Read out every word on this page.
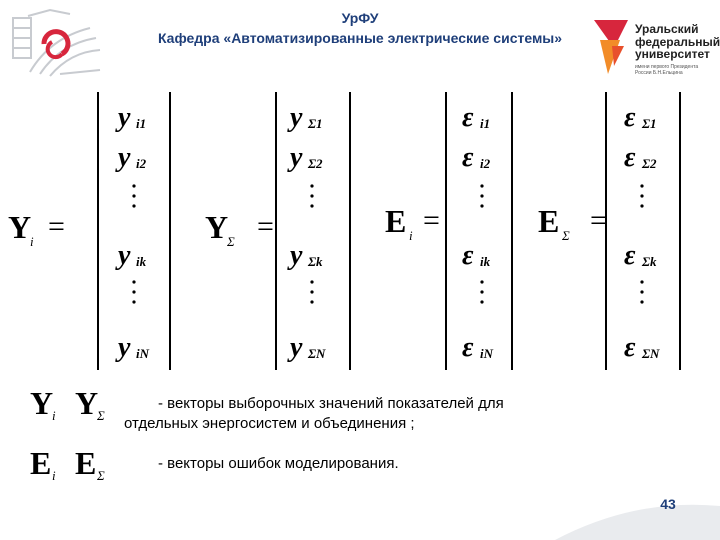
УрФУ
Кафедра «Автоматизированные электрические системы»
Уральский
федеральный
университет
имени первого Президента
России Б.Н.Ельцина
Y
i =
y i1
y i2
y ik
y iN
Y
Σ =
y Σ1
y Σ2
y Σk
y ΣN
E i =
ε i1
ε i2
ε ik
ε iN
E Σ =
ε Σ1
ε Σ2
ε Σk
ε ΣN
Y
i Y
Σ
E i E Σ
- векторы выборочных значений показателей для
отдельных энергосистем и объединения ;
- векторы ошибок моделирования.
43
